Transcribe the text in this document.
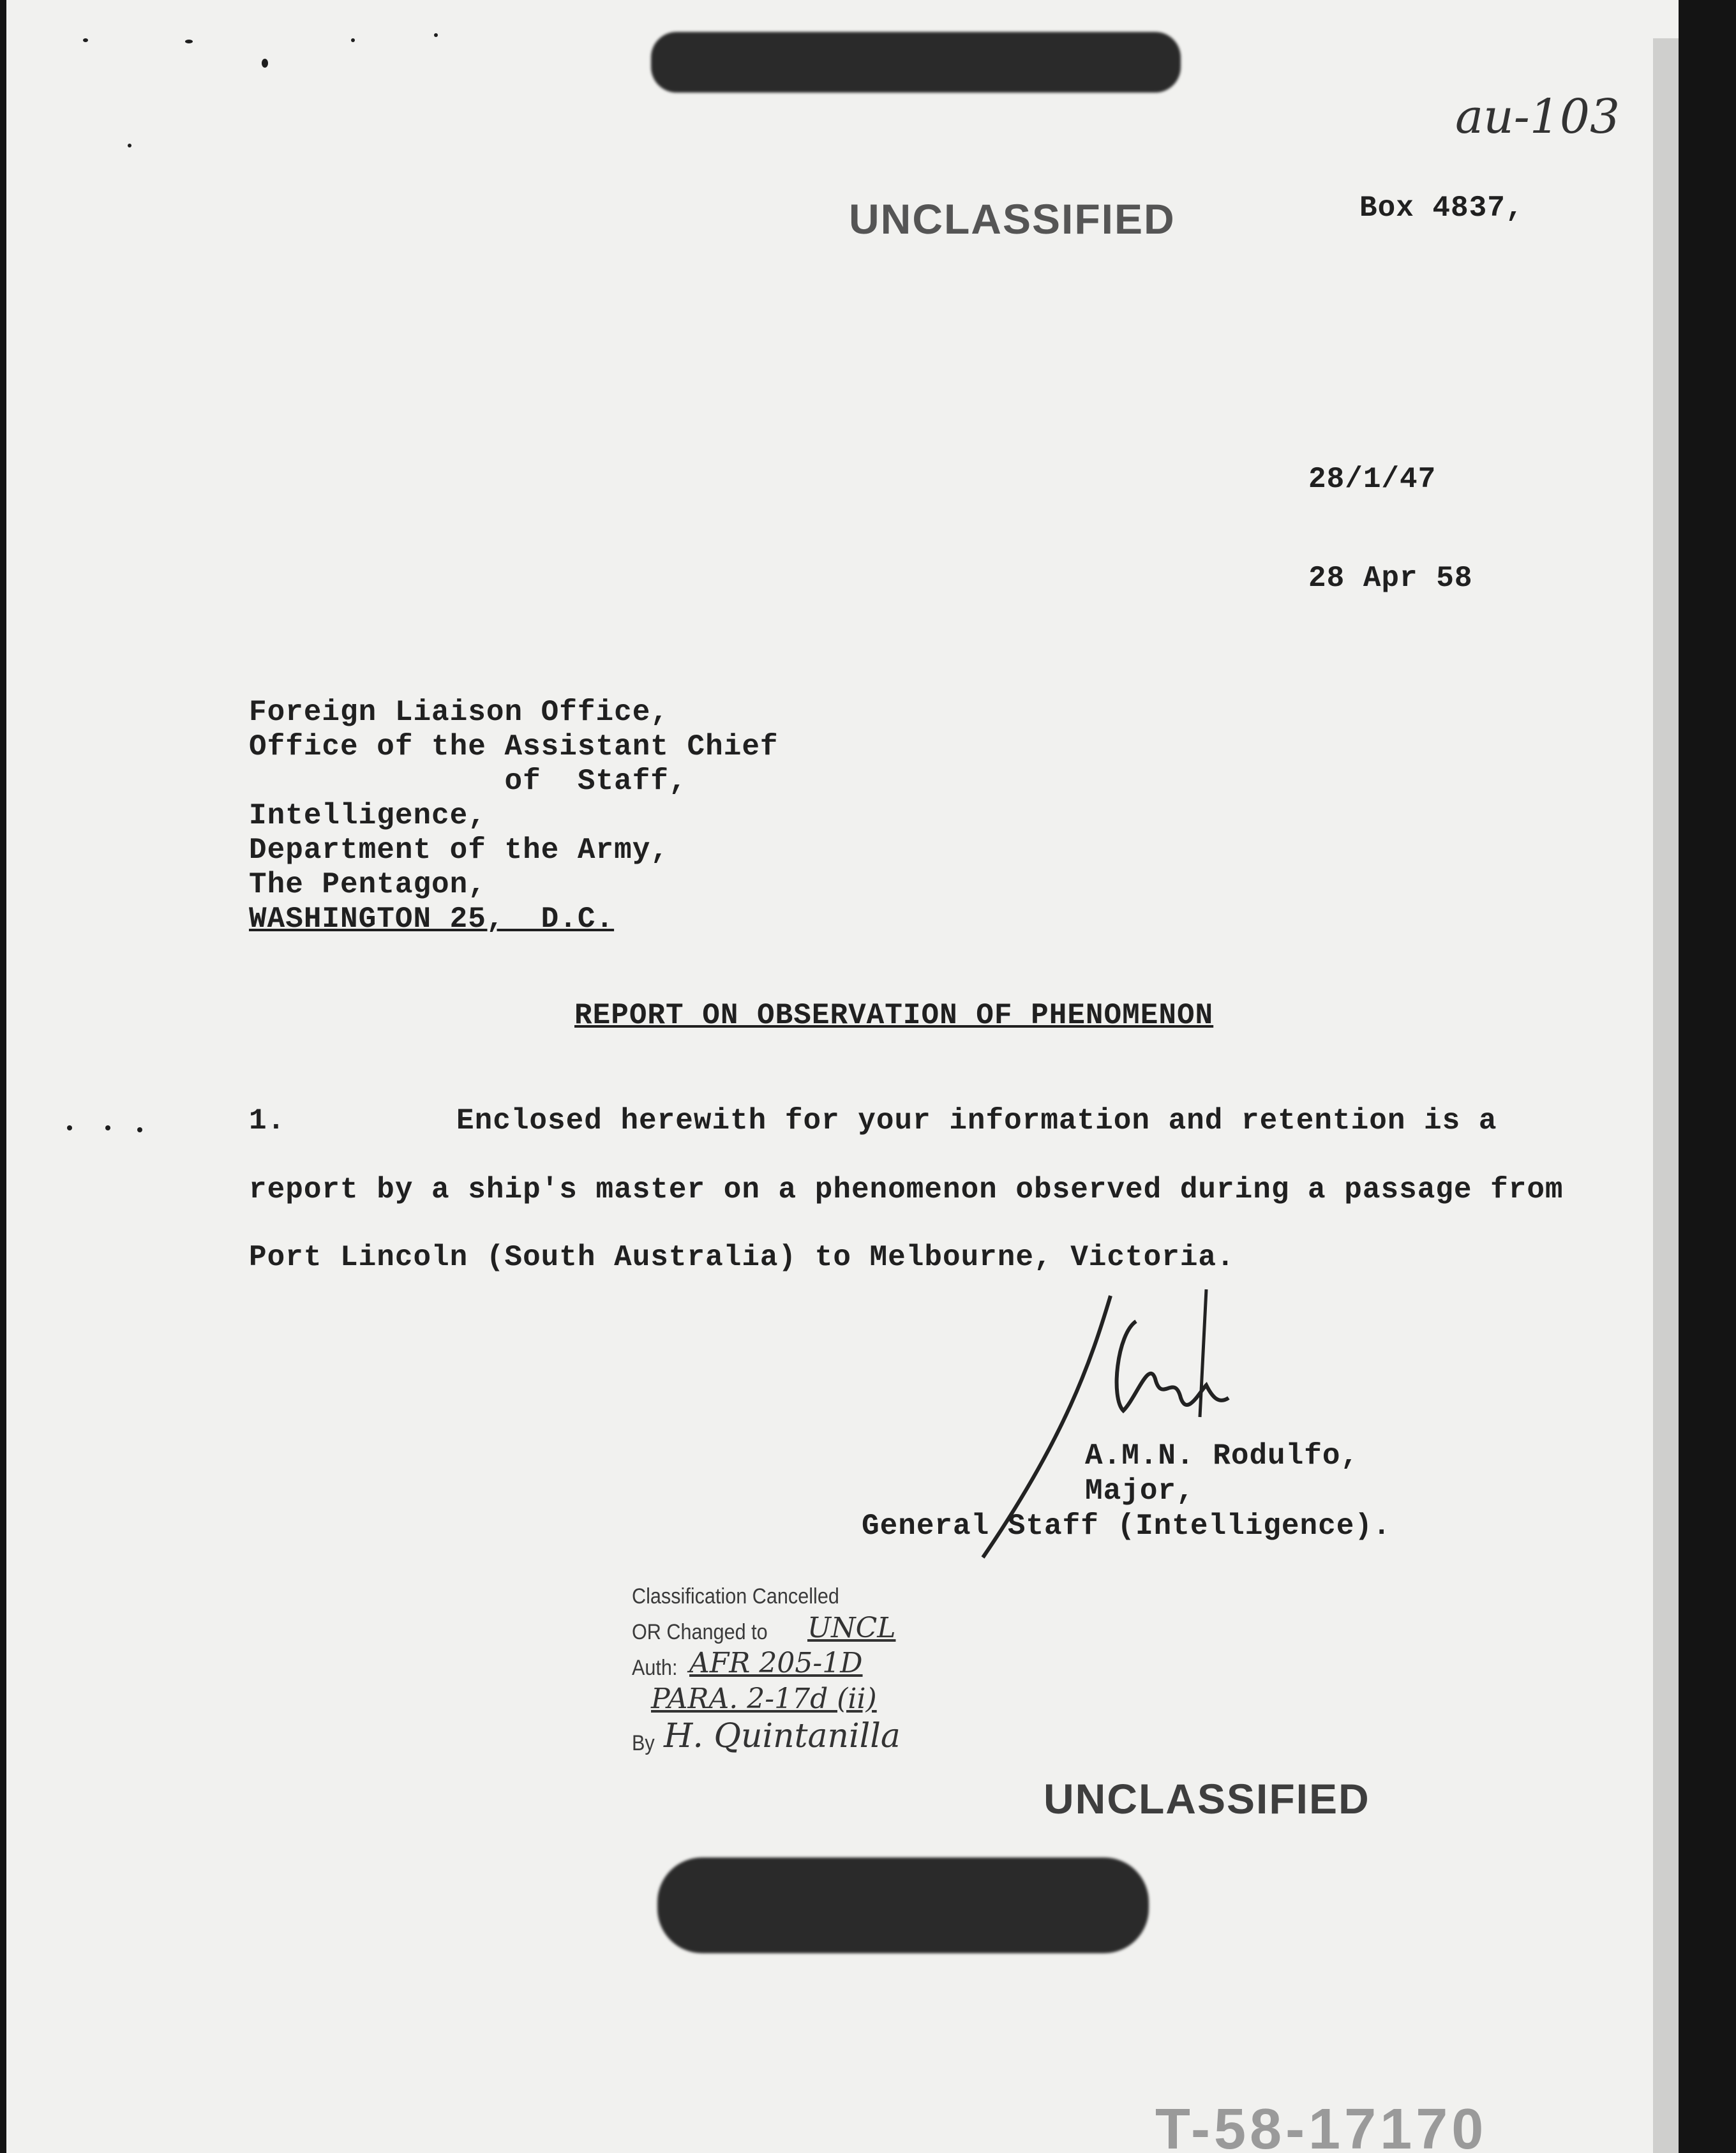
au-103
UNCLASSIFIED	Box 4837,
28/1/47
28 Apr 58
Foreign Liaison Office,
Office of the Assistant Chief
of  Staff,
Intelligence,
Department of the Army,
The Pentagon,
WASHINGTON 25,  D.C.
REPORT ON OBSERVATION OF PHENOMENON
1.	Enclosed herewith for your information and retention is a
report by a ship's master on a phenomenon observed during a passage from
Port Lincoln (South Australia) to Melbourne, Victoria.
A.M.N. Rodulfo,
Major,
General Staff (Intelligence).
Classification Cancelled
OR Changed to UNCL
Auth: AFR 205-1D
PARA. 2-17d (ii)
By H. Quintanilla
UNCLASSIFIED
T-58-17170
